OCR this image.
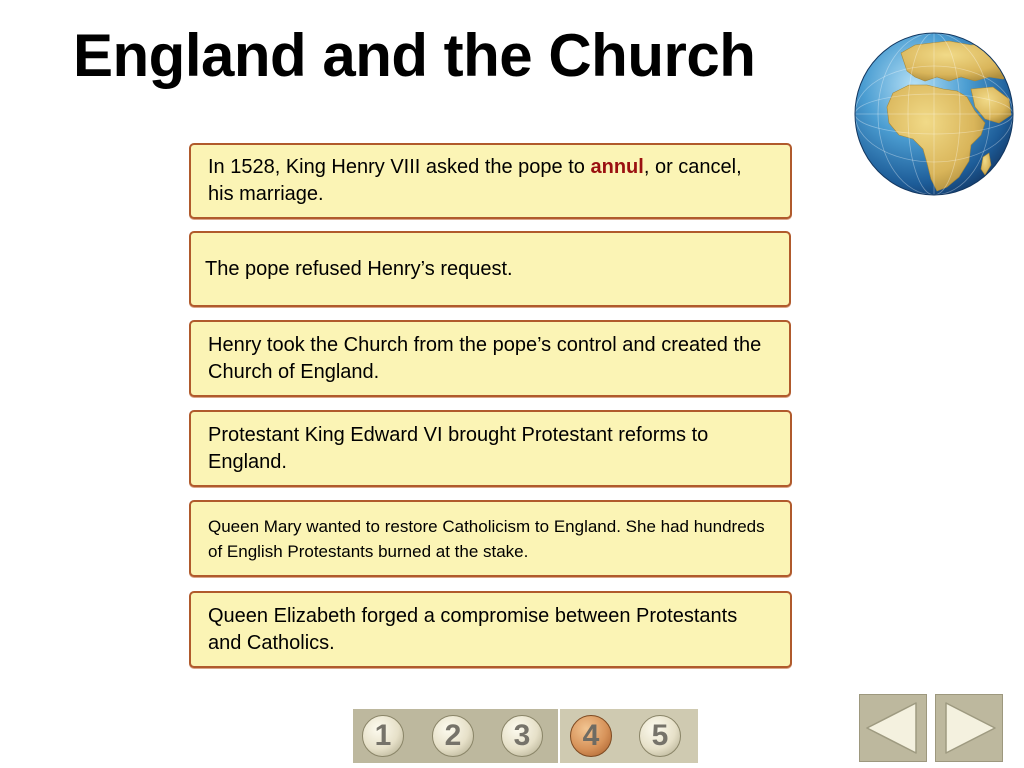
England and the Church
In 1528, King Henry VIII asked the pope to annul, or cancel, his marriage.
The pope refused Henry’s request.
Henry took the Church from the pope’s control and created the Church of England.
Protestant King Edward VI brought Protestant reforms to England.
Queen Mary wanted to restore Catholicism to England. She had hundreds of English Protestants burned at the stake.
Queen Elizabeth forged a compromise between Protestants and Catholics.
1	2	3	4	5
